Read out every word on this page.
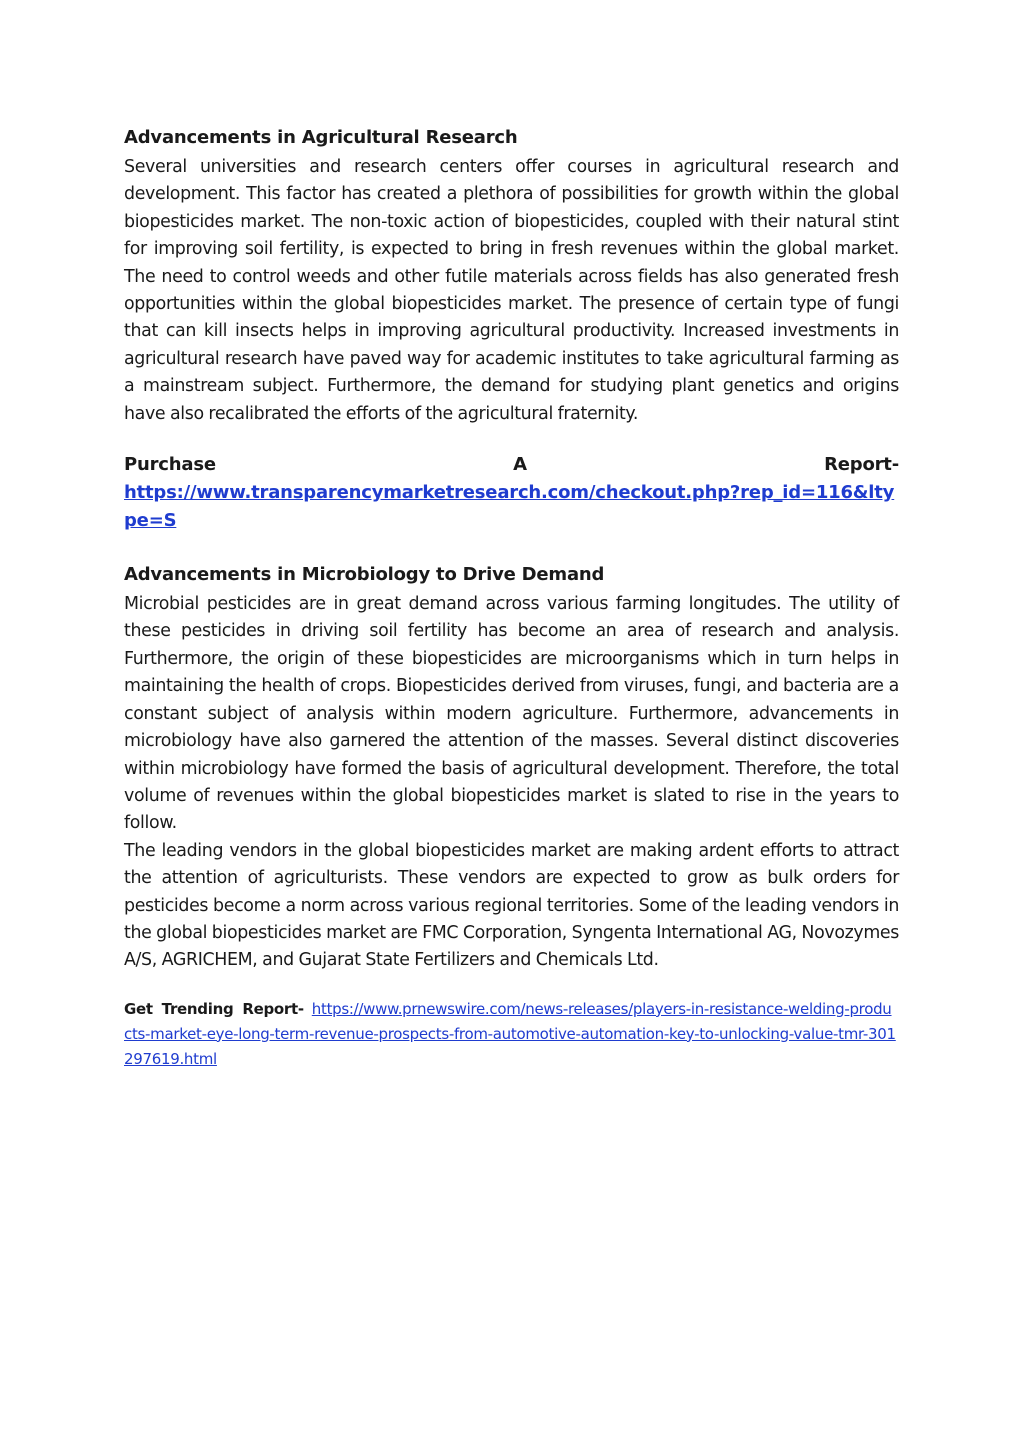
Advancements in Agricultural Research

Several universities and research centers offer courses in agricultural research and development. This factor has created a plethora of possibilities for growth within the global biopesticides market. The non-toxic action of biopesticides, coupled with their natural stint for improving soil fertility, is expected to bring in fresh revenues within the global market. The need to control weeds and other futile materials across fields has also generated fresh opportunities within the global biopesticides market. The presence of certain type of fungi that can kill insects helps in improving agricultural productivity. Increased investments in agricultural research have paved way for academic institutes to take agricultural farming as a mainstream subject. Furthermore, the demand for studying plant genetics and origins have also recalibrated the efforts of the agricultural fraternity.

Purchase	A	Report-
https://www.transparencymarketresearch.com/checkout.php?rep_id=116&ltype=S
Advancements in Microbiology to Drive Demand

Microbial pesticides are in great demand across various farming longitudes. The utility of these pesticides in driving soil fertility has become an area of research and analysis. Furthermore, the origin of these biopesticides are microorganisms which in turn helps in maintaining the health of crops. Biopesticides derived from viruses, fungi, and bacteria are a constant subject of analysis within modern agriculture. Furthermore, advancements in microbiology have also garnered the attention of the masses. Several distinct discoveries within microbiology have formed the basis of agricultural development. Therefore, the total volume of revenues within the global biopesticides market is slated to rise in the years to follow.

The leading vendors in the global biopesticides market are making ardent efforts to attract the attention of agriculturists. These vendors are expected to grow as bulk orders for pesticides become a norm across various regional territories. Some of the leading vendors in the global biopesticides market are FMC Corporation, Syngenta International AG, Novozymes A/S, AGRICHEM, and Gujarat State Fertilizers and Chemicals Ltd.

Get Trending Report- https://www.prnewswire.com/news-releases/players-in-resistance-welding-products-market-eye-long-term-revenue-prospects-from-automotive-automation-key-to-unlocking-value-tmr-301297619.html
